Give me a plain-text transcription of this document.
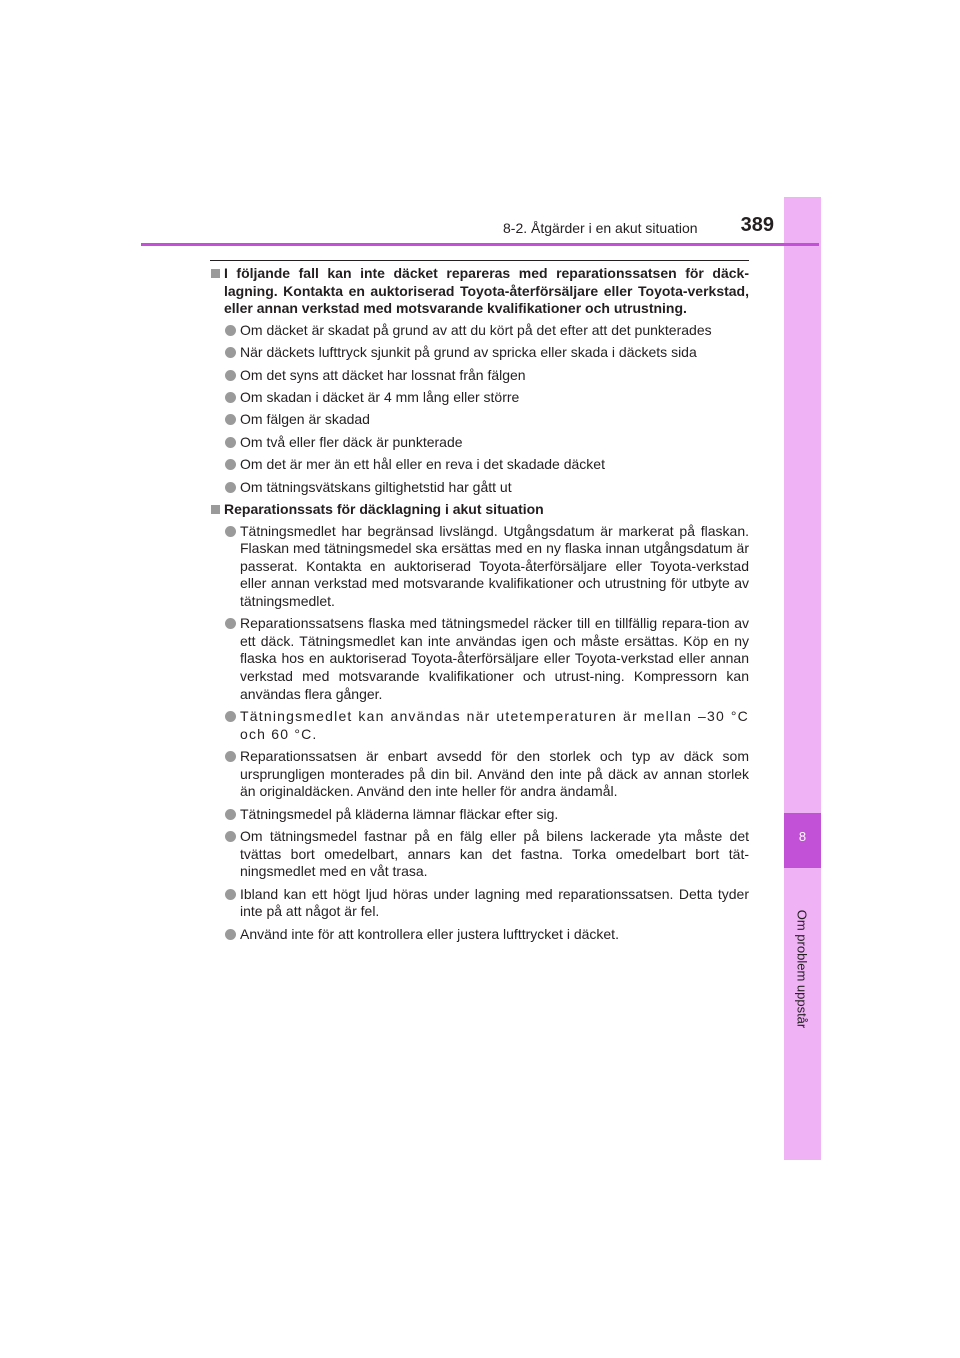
8
Om problem uppstår
8-2. Åtgärder i en akut situation	389
I följande fall kan inte däcket repareras med reparationssatsen för däck-lagning. Kontakta en auktoriserad Toyota-återförsäljare eller Toyota-verkstad, eller annan verkstad med motsvarande kvalifikationer och utrustning.
Om däcket är skadat på grund av att du kört på det efter att det punkterades
När däckets lufttryck sjunkit på grund av spricka eller skada i däckets sida
Om det syns att däcket har lossnat från fälgen
Om skadan i däcket är 4 mm lång eller större
Om fälgen är skadad
Om två eller fler däck är punkterade
Om det är mer än ett hål eller en reva i det skadade däcket
Om tätningsvätskans giltighetstid har gått ut
Reparationssats för däcklagning i akut situation
Tätningsmedlet har begränsad livslängd. Utgångsdatum är markerat på flaskan. Flaskan med tätningsmedel ska ersättas med en ny flaska innan utgångsdatum är passerat. Kontakta en auktoriserad Toyota-återförsäljare eller Toyota-verkstad eller annan verkstad med motsvarande kvalifikationer och utrustning för utbyte av tätningsmedlet.
Reparationssatsens flaska med tätningsmedel räcker till en tillfällig repara-tion av ett däck. Tätningsmedlet kan inte användas igen och måste ersättas. Köp en ny flaska hos en auktoriserad Toyota-återförsäljare eller Toyota-verkstad eller annan verkstad med motsvarande kvalifikationer och utrust-ning. Kompressorn kan användas flera gånger.
Tätningsmedlet kan användas när utetemperaturen är mellan –30 °C och 60 °C.
Reparationssatsen är enbart avsedd för den storlek och typ av däck som ursprungligen monterades på din bil. Använd den inte på däck av annan storlek än originaldäcken. Använd den inte heller för andra ändamål.
Tätningsmedel på kläderna lämnar fläckar efter sig.
Om tätningsmedel fastnar på en fälg eller på bilens lackerade yta måste det tvättas bort omedelbart, annars kan det fastna. Torka omedelbart bort tät-ningsmedlet med en våt trasa.
Ibland kan ett högt ljud höras under lagning med reparationssatsen. Detta tyder inte på att något är fel.
Använd inte för att kontrollera eller justera lufttrycket i däcket.
